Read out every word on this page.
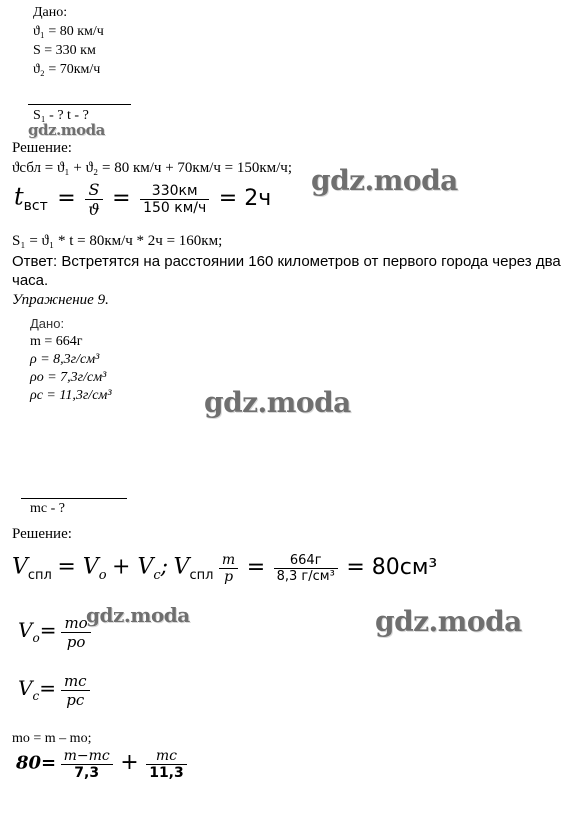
Дано:
ϑ₁ = 80 км/ч
S = 330 км
ϑ₂ = 70км/ч
S₁ - ? t - ?
gdz.moda
Решение:
ϑсбл = ϑ₁ + ϑ₂ = 80 км/ч + 70км/ч = 150км/ч; gdz.moda
$t_{вст} = \frac{S}{ϑ} = \frac{330км}{150 км/ч} = 2ч$
S₁ = ϑ₁ * t = 80км/ч * 2ч = 160км;
Ответ: Встретятся на расстоянии 160 километров от первого города через два
часа.
Упражнение 9.
Дано:
m = 664г
ρ = 8,3г/см³
ρо = 7,3г/см³
ρс = 11,3г/см³	gdz.moda
mс - ?
Решение:
$V_{спл} = V_o + V_c$; $V_{спл} \frac{m}{p} = \frac{664г}{\text{8,3 г/см³}} = 80см^3$
gdz.moda	gdz.moda
$V_o= \frac{mo}{po}$
$V_c= \frac{mc}{pc}$
mо = m – mо;
$80= \frac{m-mc}{7,3} + \frac{mc}{11,3}$
